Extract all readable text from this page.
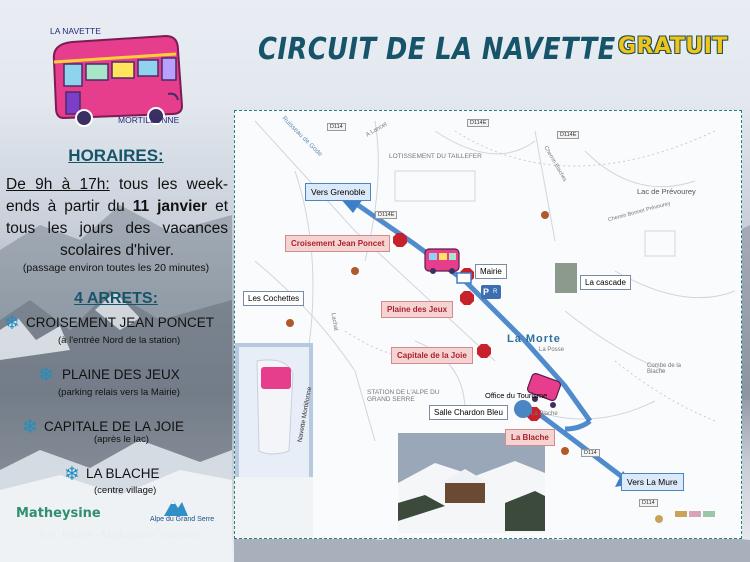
LA NAVETTE
MORTILLONNE
CIRCUIT DE LA NAVETTE GRATUIT
HORAIRES:
De 9h à 17h: tous les week-ends à partir du 11 janvier et tous les jours des vacances scolaires d'hiver.
(passage environ toutes les 20 minutes)
4 ARRETS:
❄ CROISEMENT JEAN PONCET
(à l'entrée Nord de la station)
❄ PLAINE DES JEUX
(parking relais vers la Mairie)
❄ CAPITALE DE LA JOIE
(après le lac)
❄ LA BLACHE
(centre village)
Matheysine	Alpe du Grand Serre
© N. Brunel - Matheysine Tourisme
Vers Grenoble
Vers La Mure
Croisement Jean Poncet
Plaine des Jeux
Capitale de la Joie
La Blache
Mairie
La cascade
Les Cochettes
Salle Chardon Bleu
P R
La Morte
Office du Tourisme
LOTISSEMENT DU TAILLEFER
Lac de Prévourey
Chemin Bonnet Prévourey
STATION DE L'ALPE DU GRAND SERRE
Combe de la Blache
Ruisseau de Gode
La Posse
La Blache
Lachat
A Lancet
Chemin Blaches
Navette Mortillonne
D114
D114E
D114E
D114E
D114
D114
